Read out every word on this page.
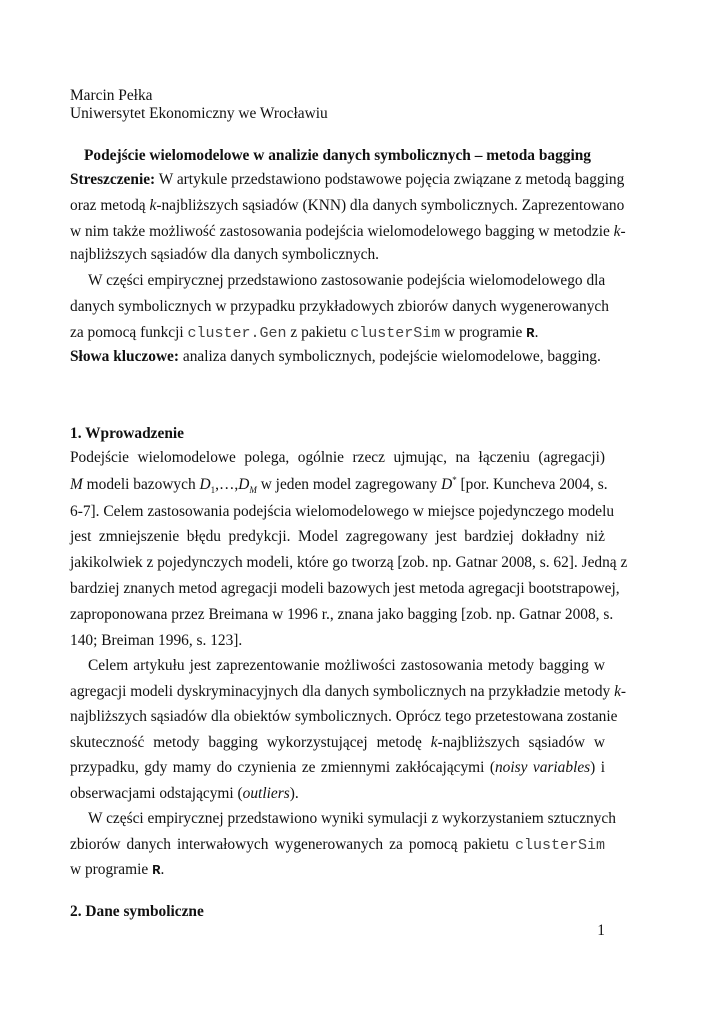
Marcin Pełka
Uniwersytet Ekonomiczny we Wrocławiu
Podejście wielomodelowe w analizie danych symbolicznych – metoda bagging
Streszczenie: W artykule przedstawiono podstawowe pojęcia związane z metodą bagging
oraz metodą k-najbliższych sąsiadów (KNN) dla danych symbolicznych. Zaprezentowano
w nim także możliwość zastosowania podejścia wielomodelowego bagging w metodzie k-
najbliższych sąsiadów dla danych symbolicznych.
W części empirycznej przedstawiono zastosowanie podejścia wielomodelowego dla
danych symbolicznych w przypadku przykładowych zbiorów danych wygenerowanych
za pomocą funkcji cluster.Gen z pakietu clusterSim w programie R.
Słowa kluczowe: analiza danych symbolicznych, podejście wielomodelowe, bagging.
1. Wprowadzenie
Podejście wielomodelowe polega, ogólnie rzecz ujmując, na łączeniu (agregacji)
M modeli bazowych $D_1,\dots,D_M$ w jeden model zagregowany D* [por. Kuncheva 2004, s.
6-7]. Celem zastosowania podejścia wielomodelowego w miejsce pojedynczego modelu
jest zmniejszenie błędu predykcji. Model zagregowany jest bardziej dokładny niż
jakikolwiek z pojedynczych modeli, które go tworzą [zob. np. Gatnar 2008, s. 62]. Jedną z
bardziej znanych metod agregacji modeli bazowych jest metoda agregacji bootstrapowej,
zaproponowana przez Breimana w 1996 r., znana jako bagging [zob. np. Gatnar 2008, s.
140; Breiman 1996, s. 123].
Celem artykułu jest zaprezentowanie możliwości zastosowania metody bagging w
agregacji modeli dyskryminacyjnych dla danych symbolicznych na przykładzie metody k-
najbliższych sąsiadów dla obiektów symbolicznych. Oprócz tego przetestowana zostanie
skuteczność metody bagging wykorzystującej metodę k-najbliższych sąsiadów w
przypadku, gdy mamy do czynienia ze zmiennymi zakłócającymi (noisy variables) i
obserwacjami odstającymi (outliers).
W części empirycznej przedstawiono wyniki symulacji z wykorzystaniem sztucznych
zbiorów danych interwałowych wygenerowanych za pomocą pakietu clusterSim
w programie R.
2. Dane symboliczne
1
